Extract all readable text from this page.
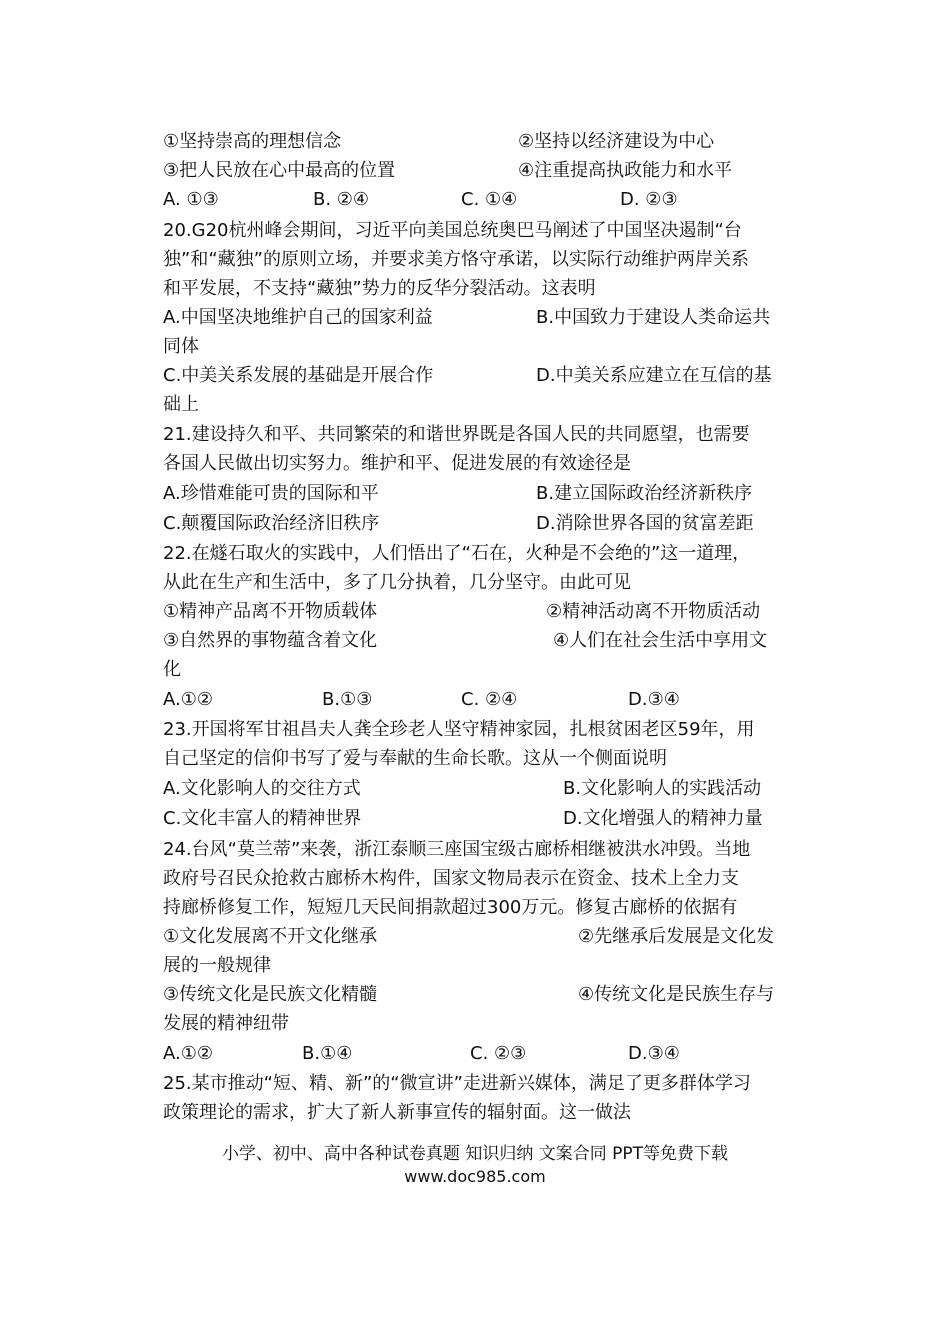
①坚持崇高的理想信念	②坚持以经济建设为中心
③把人民放在心中最高的位置	④注重提高执政能力和水平
A. ①③	B. ②④	C. ①④	D. ②③
20.G20杭州峰会期间，习近平向美国总统奥巴马阐述了中国坚决遏制“台
独”和“藏独”的原则立场，并要求美方恪守承诺，以实际行动维护两岸关系
和平发展，不支持“藏独”势力的反华分裂活动。这表明
A.中国坚决地维护自己的国家利益	B.中国致力于建设人类命运共
同体
C.中美关系发展的基础是开展合作	D.中美关系应建立在互信的基
础上
21.建设持久和平、共同繁荣的和谐世界既是各国人民的共同愿望，也需要
各国人民做出切实努力。维护和平、促进发展的有效途径是
A.珍惜难能可贵的国际和平	B.建立国际政治经济新秩序
C.颠覆国际政治经济旧秩序	D.消除世界各国的贫富差距
22.在燧石取火的实践中，人们悟出了“石在，火种是不会绝的”这一道理，
从此在生产和生活中，多了几分执着，几分坚守。由此可见
①精神产品离不开物质载体	②精神活动离不开物质活动
③自然界的事物蕴含着文化	④人们在社会生活中享用文
化
A.①②	B.①③	C. ②④	D.③④
23.开国将军甘祖昌夫人龚全珍老人坚守精神家园，扎根贫困老区59年，用
自己坚定的信仰书写了爱与奉献的生命长歌。这从一个侧面说明
A.文化影响人的交往方式	B.文化影响人的实践活动
C.文化丰富人的精神世界	D.文化增强人的精神力量
24.台风“莫兰蒂”来袭，浙江泰顺三座国宝级古廊桥相继被洪水冲毁。当地
政府号召民众抢救古廊桥木构件，国家文物局表示在资金、技术上全力支
持廊桥修复工作，短短几天民间捐款超过300万元。修复古廊桥的依据有
①文化发展离不开文化继承	②先继承后发展是文化发
展的一般规律
③传统文化是民族文化精髓	④传统文化是民族生存与
发展的精神纽带
A.①②	B.①④	C. ②③	D.③④
25.某市推动“短、精、新”的“微宣讲”走进新兴媒体，满足了更多群体学习
政策理论的需求，扩大了新人新事宣传的辐射面。这一做法
小学、初中、高中各种试卷真题 知识归纳 文案合同 PPT等免费下载
www.doc985.com
